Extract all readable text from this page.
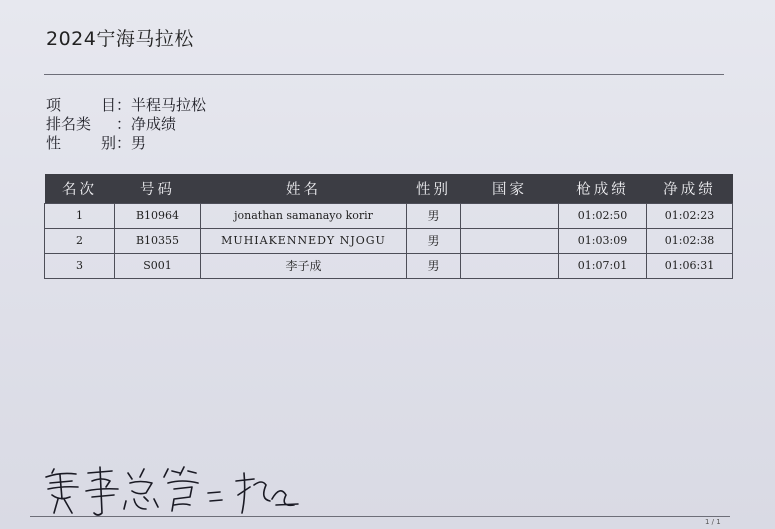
2024宁海马拉松
项	目 ： 半程马拉松
排名类	： 净成绩
性	别 ： 男
名次	号码	姓名	性别	国家	枪成绩	净成绩
1	B10964	jonathan samanayo korir	男		01:02:50	01:02:23
2	B10355	MUHIAKENNEDY NJOGU	男		01:03:09	01:02:38
3	S001	李子成	男		01:07:01	01:06:31
1 / 1
